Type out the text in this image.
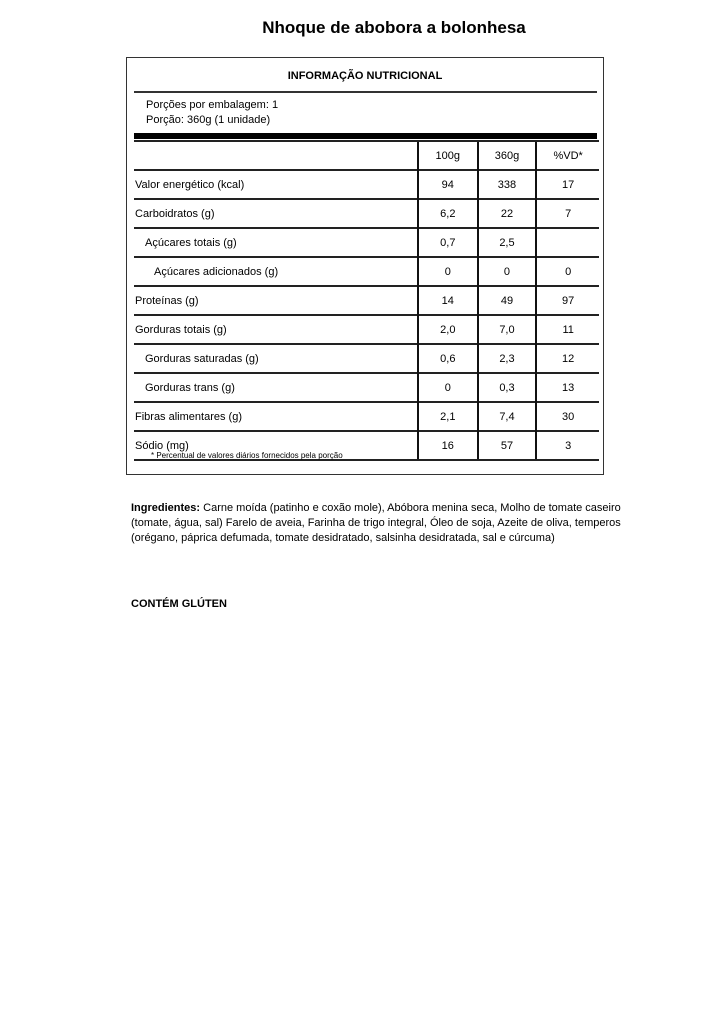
Nhoque de abobora a bolonhesa
INFORMAÇÃO NUTRICIONAL
Porções por embalagem: 1
Porção: 360g (1 unidade)
	100g	360g	%VD*
Valor energético (kcal)	94	338	17
Carboidratos (g)	6,2	22	7
Açúcares totais (g)	0,7	2,5	
Açúcares adicionados (g)	0	0	0
Proteínas (g)	14	49	97
Gorduras totais (g)	2,0	7,0	11
Gorduras saturadas (g)	0,6	2,3	12
Gorduras trans (g)	0	0,3	13
Fibras alimentares (g)	2,1	7,4	30
Sódio (mg)	16	57	3
* Percentual de valores diários fornecidos pela porção
Ingredientes: Carne moída (patinho e coxão mole), Abóbora menina seca, Molho de tomate caseiro (tomate, água, sal) Farelo de aveia, Farinha de trigo integral, Óleo de soja, Azeite de oliva, temperos (orégano, páprica defumada, tomate desidratado, salsinha desidratada, sal e cúrcuma)
CONTÉM GLÚTEN
